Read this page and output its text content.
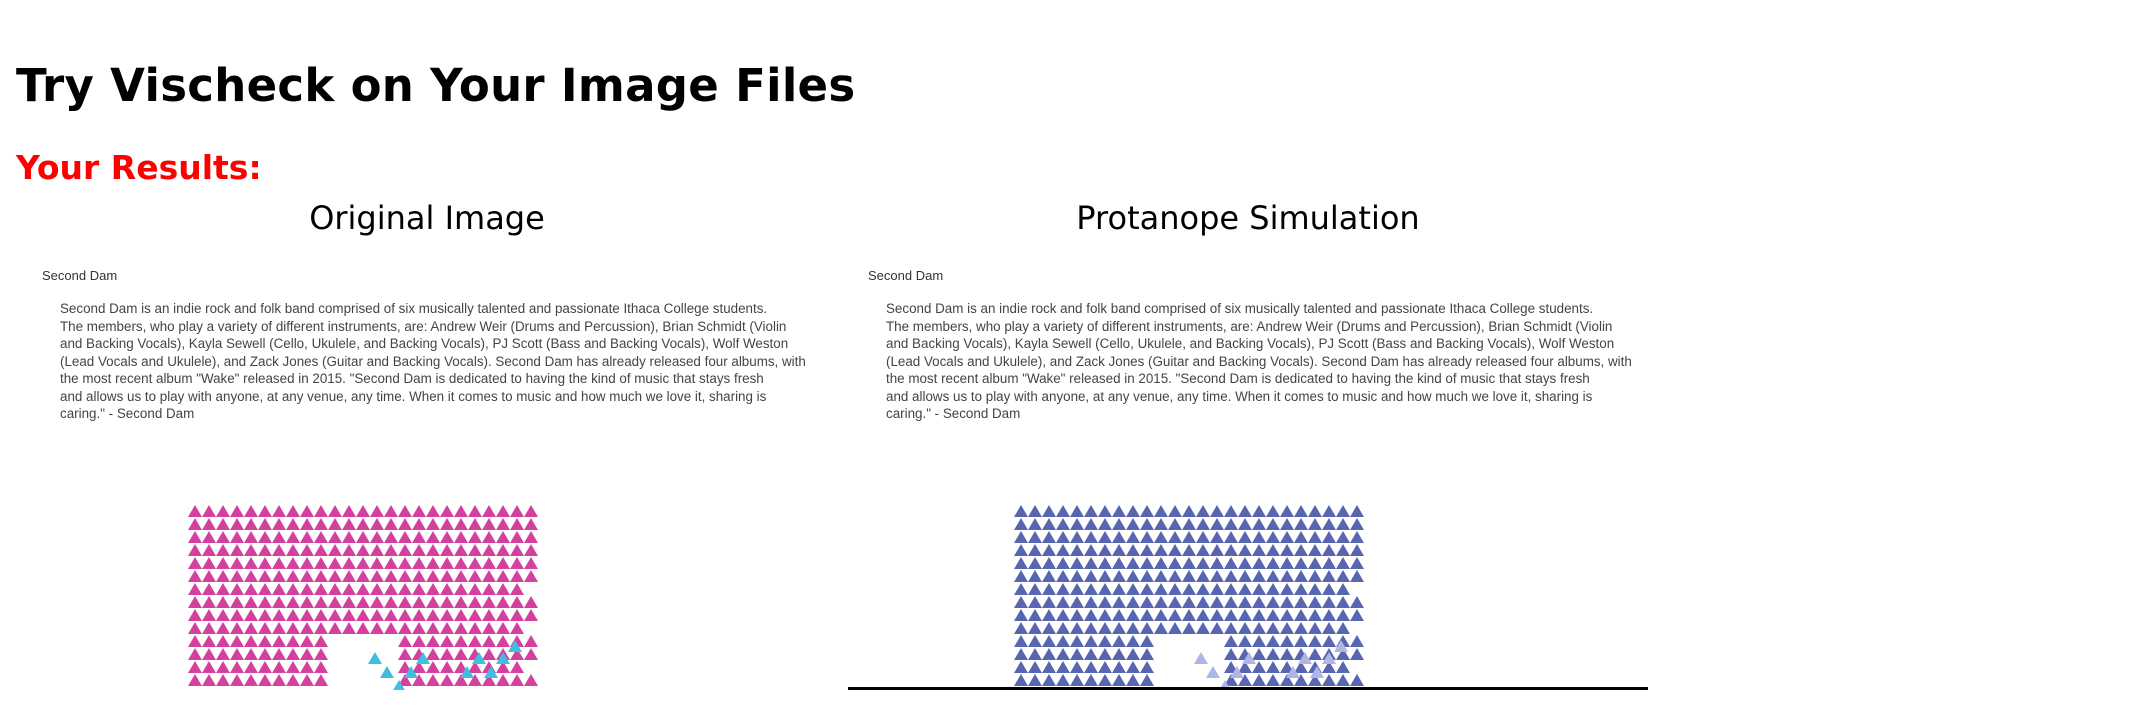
Try Vischeck on Your Image Files
Your Results:
Original Image	Protanope Simulation
Second Dam

Second Dam is an indie rock and folk band comprised of six musically talented and passionate Ithaca College students.
The members, who play a variety of different instruments, are: Andrew Weir (Drums and Percussion), Brian Schmidt (Violin
and Backing Vocals), Kayla Sewell (Cello, Ukulele, and Backing Vocals), PJ Scott (Bass and Backing Vocals), Wolf Weston
(Lead Vocals and Ukulele), and Zack Jones (Guitar and Backing Vocals). Second Dam has already released four albums, with
the most recent album "Wake" released in 2015. "Second Dam is dedicated to having the kind of music that stays fresh
and allows us to play with anyone, at any venue, any time. When it comes to music and how much we love it, sharing is
caring." - Second Dam

Second Dam

Second Dam is an indie rock and folk band comprised of six musically talented and passionate Ithaca College students.
The members, who play a variety of different instruments, are: Andrew Weir (Drums and Percussion), Brian Schmidt (Violin
and Backing Vocals), Kayla Sewell (Cello, Ukulele, and Backing Vocals), PJ Scott (Bass and Backing Vocals), Wolf Weston
(Lead Vocals and Ukulele), and Zack Jones (Guitar and Backing Vocals). Second Dam has already released four albums, with
the most recent album "Wake" released in 2015. "Second Dam is dedicated to having the kind of music that stays fresh
and allows us to play with anyone, at any venue, any time. When it comes to music and how much we love it, sharing is
caring." - Second Dam
